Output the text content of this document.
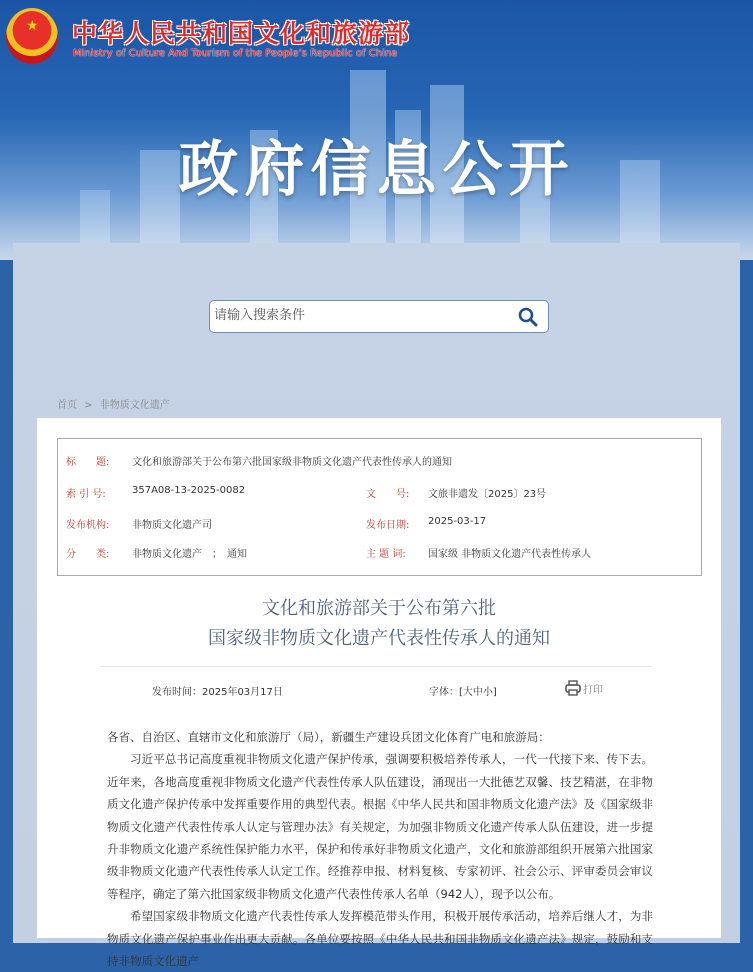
★ 中华人民共和国文化和旅游部
Ministry of Culture And Tourism of the People’s Republic of China
政府信息公开
请输入搜索条件
首页 > 非物质文化遗产
标　　题: 文化和旅游部关于公布第六批国家级非物质文化遗产代表性传承人的通知
索 引 号:	357A08-13-2025-0082	文　　号: 文旅非遗发〔2025〕23号
发布机构: 非物质文化遗产司	发布日期: 2025-03-17
分　　类: 非物质文化遗产　；　通知	主 题 词: 国家级 非物质文化遗产代表性传承人
文化和旅游部关于公布第六批
国家级非物质文化遗产代表性传承人的通知
发布时间：2025年03月17日	字体：[大中小]	打印

各省、自治区、直辖市文化和旅游厅（局），新疆生产建设兵团文化体育广电和旅游局：

习近平总书记高度重视非物质文化遗产保护传承，强调要积极培养传承人，一代一代接下来、传下去。近年来，各地高度重视非物质文化遗产代表性传承人队伍建设，涌现出一大批德艺双馨、技艺精湛，在非物质文化遗产保护传承中发挥重要作用的典型代表。根据《中华人民共和国非物质文化遗产法》及《国家级非物质文化遗产代表性传承人认定与管理办法》有关规定，为加强非物质文化遗产传承人队伍建设，进一步提升非物质文化遗产系统性保护能力水平，保护和传承好非物质文化遗产，文化和旅游部组织开展第六批国家级非物质文化遗产代表性传承人认定工作。经推荐申报、材料复核、专家初评、社会公示、评审委员会审议等程序，确定了第六批国家级非物质文化遗产代表性传承人名单（942人），现予以公布。

希望国家级非物质文化遗产代表性传承人发挥模范带头作用，积极开展传承活动，培养后继人才，为非物质文化遗产保护事业作出更大贡献。各单位要按照《中华人民共和国非物质文化遗产法》规定，鼓励和支持非物质文化遗产
